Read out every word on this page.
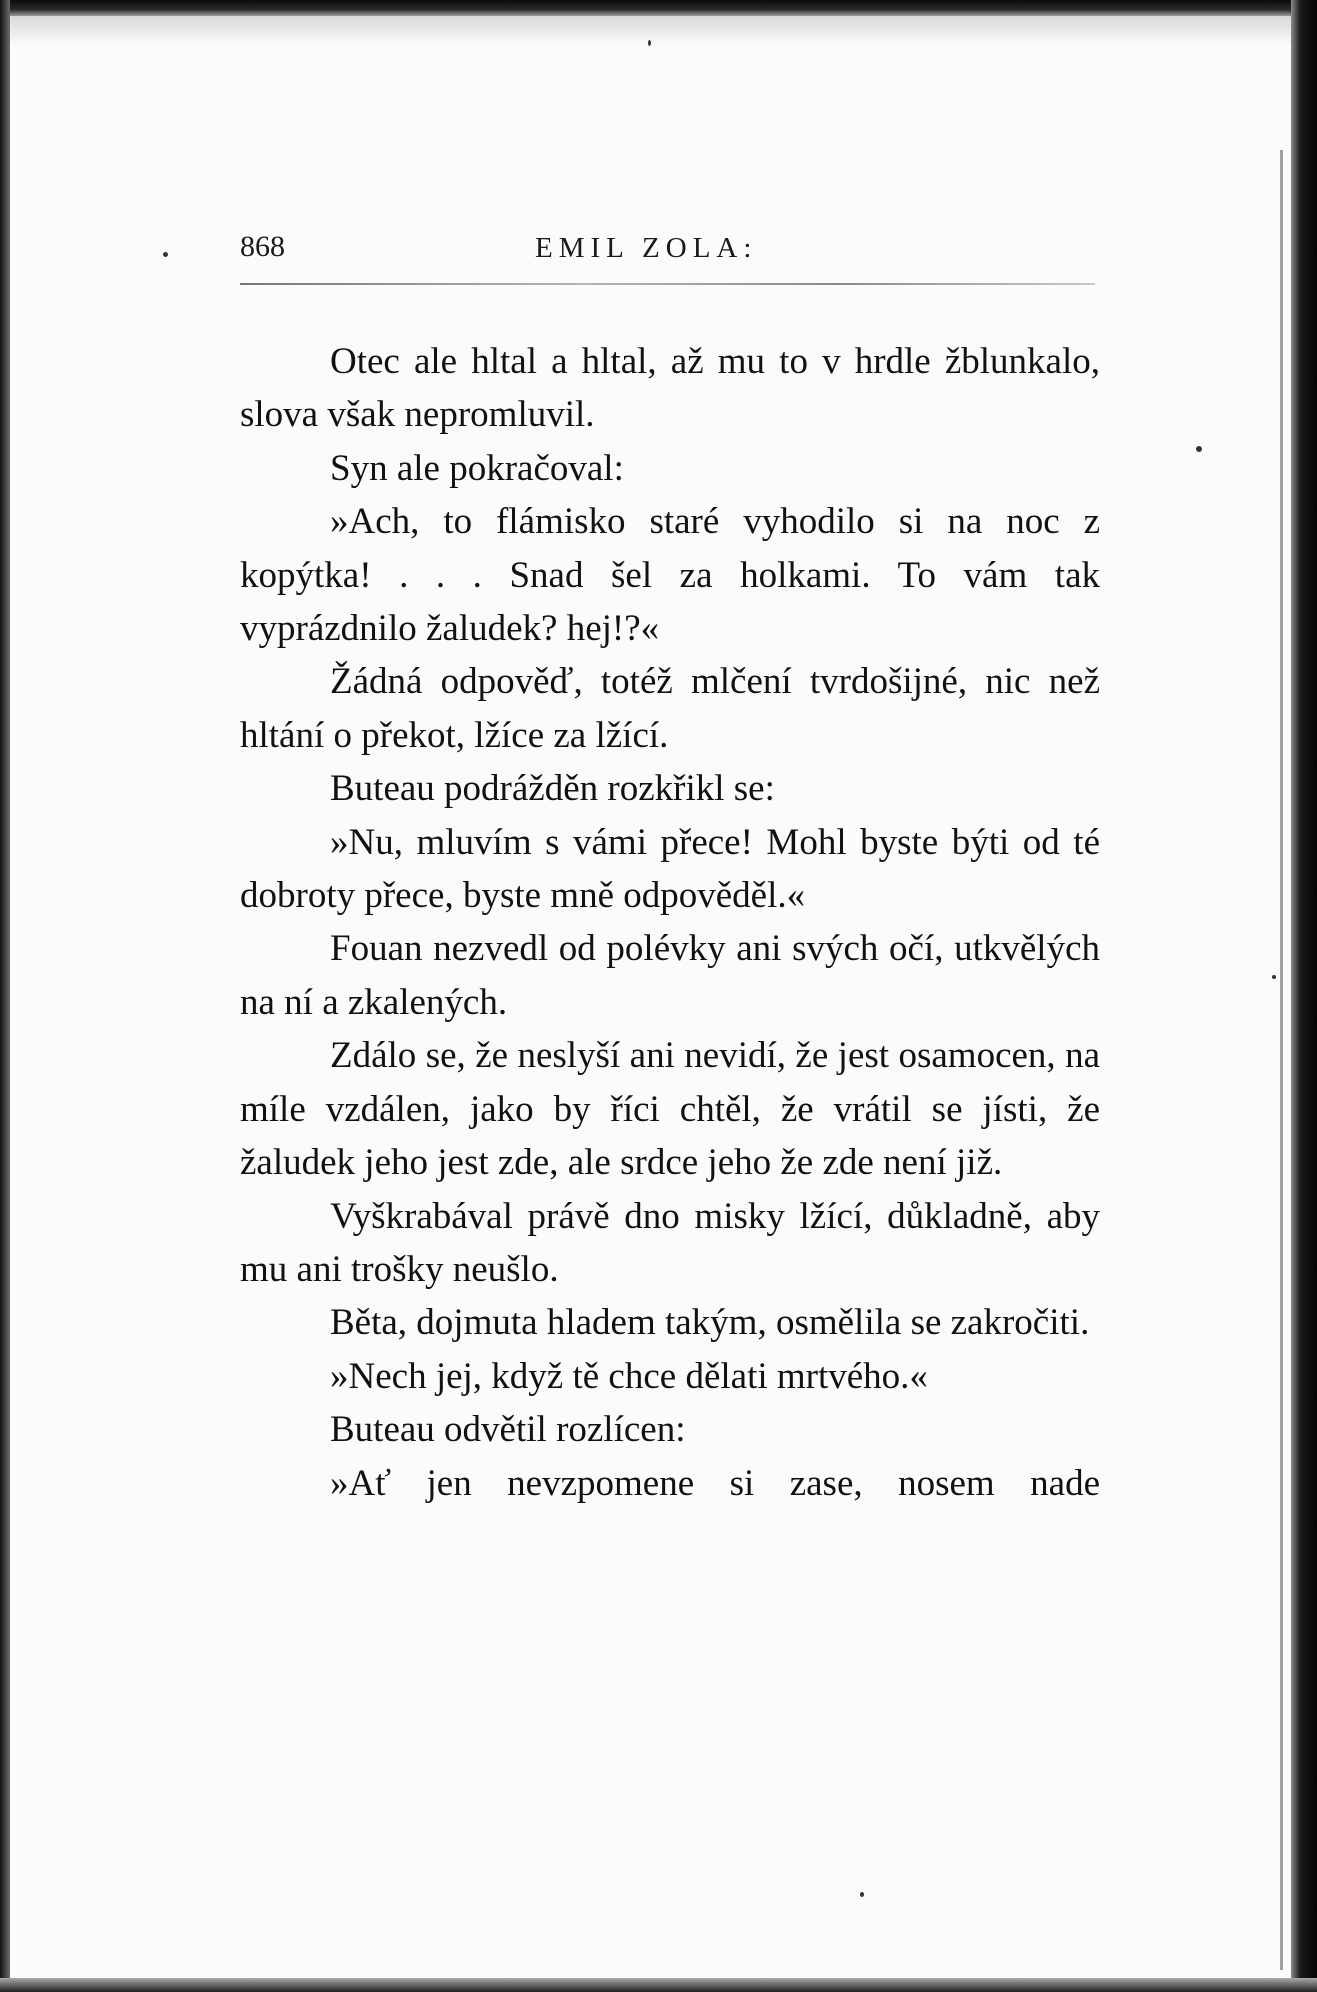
868	EMIL ZOLA:

Otec ale hltal a hltal, až mu to v hrdle žblunkalo, slova však nepromluvil.

Syn ale pokračoval:

»Ach, to flámisko staré vyhodilo si na noc z kopýtka! . . . Snad šel za holkami. To vám tak vyprázdnilo žaludek? hej!?«

Žádná odpověď, totéž mlčení tvrdošijné, nic než hltání o překot, lžíce za lžící.

Buteau podrážděn rozkřikl se:

»Nu, mluvím s vámi přece! Mohl byste býti od té dobroty přece, byste mně odpověděl.«

Fouan nezvedl od polévky ani svých očí, utkvělých na ní a zkalených.

Zdálo se, že neslyší ani nevidí, že jest osamocen, na míle vzdálen, jako by říci chtěl, že vrátil se jísti, že žaludek jeho jest zde, ale srdce jeho že zde není již.

Vyškrabával právě dno misky lžící, důkladně, aby mu ani trošky neušlo.

Běta, dojmuta hladem takým, osmělila se zakročiti.

»Nech jej, když tě chce dělati mrtvého.«

Buteau odvětil rozlícen:

»Ať jen nevzpomene si zase, nosem nade
